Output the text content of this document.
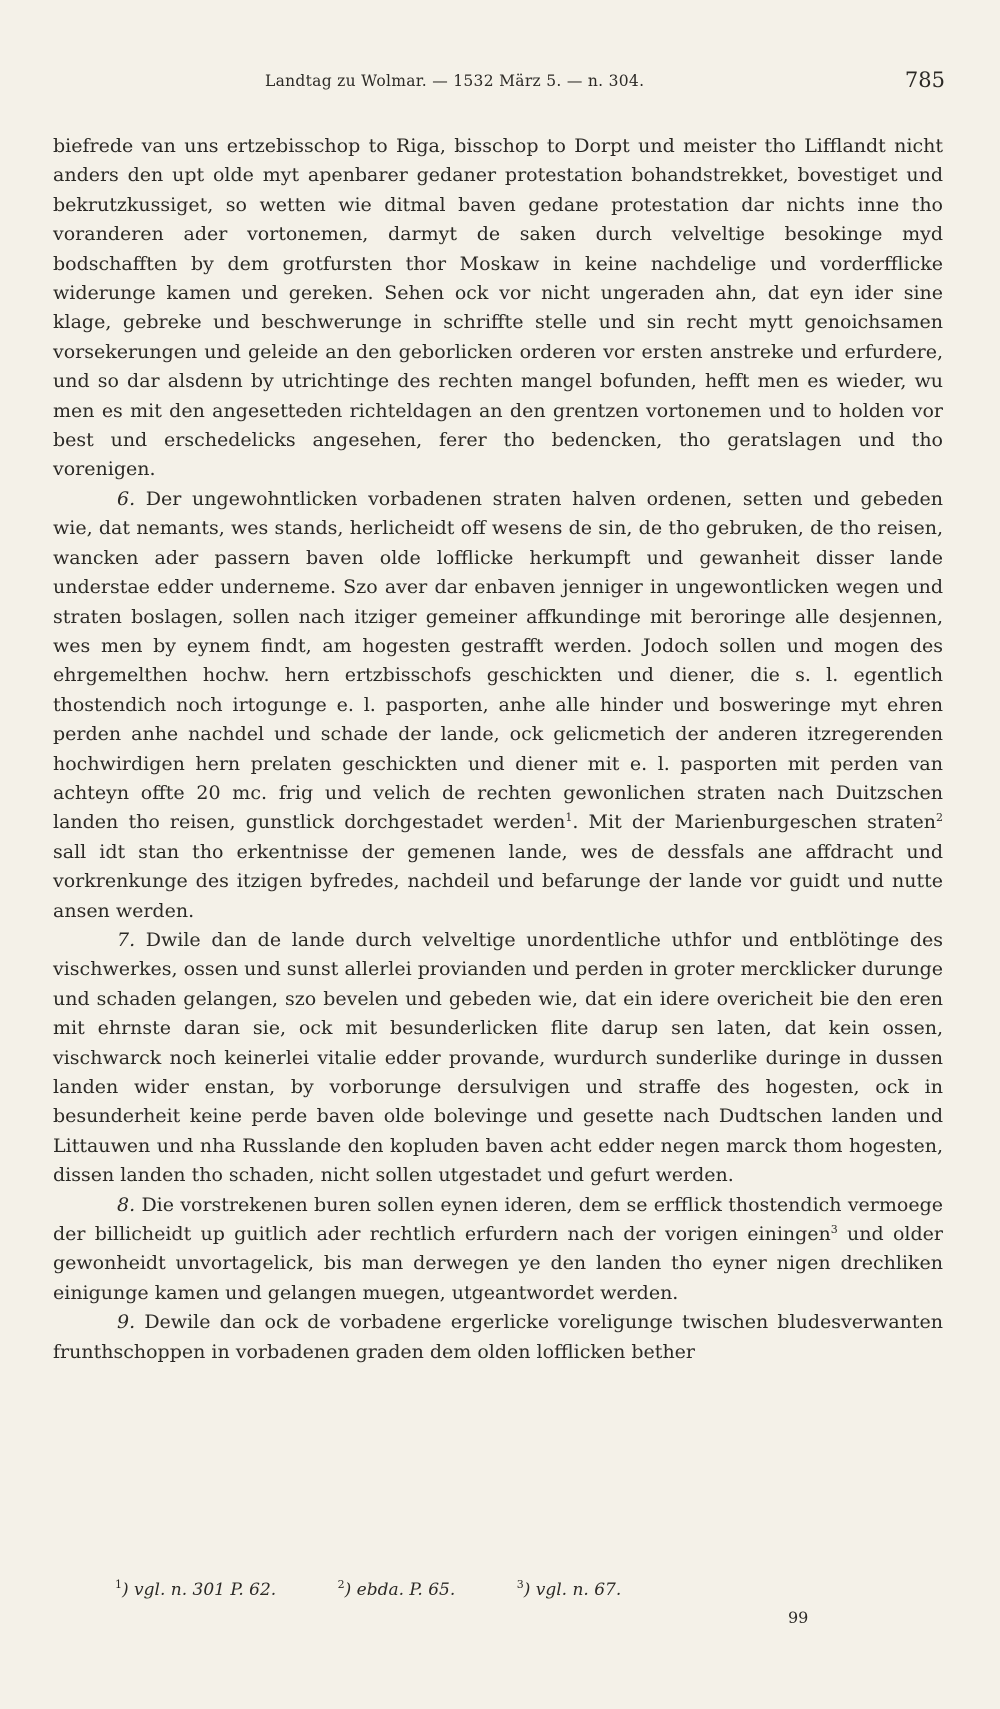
Landtag zu Wolmar. — 1532 März 5. — n. 304.	785

biefrede van uns ertzebisschop to Riga, bisschop to Dorpt und meister tho Lifflandt nicht anders den upt olde myt apenbarer gedaner protestation bohandstrekket, bovestiget und bekrutzkussiget, so wetten wie ditmal baven gedane protestation dar nichts inne tho voranderen ader vortonemen, darmyt de saken durch velveltige besokinge myd bodschafften by dem grotfursten thor Moskaw in keine nachdelige und vorderfflicke widerunge kamen und gereken. Sehen ock vor nicht ungeraden ahn, dat eyn ider sine klage, gebreke und beschwerunge in schriffte stelle und sin recht mytt genoichsamen vorsekerungen und geleide an den geborlicken orderen vor ersten anstreke und erfurdere, und so dar alsdenn by utrichtinge des rechten mangel bofunden, hefft men es wieder, wu men es mit den angesetteden richteldagen an den grentzen vortonemen und to holden vor best und erschedelicks angesehen, ferer tho bedencken, tho geratslagen und tho vorenigen.

6. Der ungewohntlicken vorbadenen straten halven ordenen, setten und gebeden wie, dat nemants, wes stands, herlicheidt off wesens de sin, de tho gebruken, de tho reisen, wancken ader passern baven olde lofflicke herkumpft und gewanheit disser lande understae edder underneme. Szo aver dar enbaven jenniger in ungewontlicken wegen und straten boslagen, sollen nach itziger gemeiner affkundinge mit beroringe alle desjennen, wes men by eynem findt, am hogesten gestrafft werden. Jodoch sollen und mogen des ehrgemelthen hochw. hern ertzbisschofs geschickten und diener, die s. l. egentlich thostendich noch irtogunge e. l. pasporten, anhe alle hinder und bosweringe myt ehren perden anhe nachdel und schade der lande, ock gelicmetich der anderen itzregerenden hochwirdigen hern prelaten geschickten und diener mit e. l. pasporten mit perden van achteyn offte 20 mc. frig und velich de rechten gewonlichen straten nach Duitzschen landen tho reisen, gunstlick dorchgestadet werden$^1$. Mit der Marienburgeschen straten$^2$ sall idt stan tho erkentnisse der gemenen lande, wes de dessfals ane affdracht und vorkrenkunge des itzigen byfredes, nachdeil und befarunge der lande vor guidt und nutte ansen werden.

7. Dwile dan de lande durch velveltige unordentliche uthfor und entblötinge des vischwerkes, ossen und sunst allerlei provianden und perden in groter mercklicker durunge und schaden gelangen, szo bevelen und gebeden wie, dat ein idere overicheit bie den eren mit ehrnste daran sie, ock mit besunderlicken flite darup sen laten, dat kein ossen, vischwarck noch keinerlei vitalie edder provande, wurdurch sunderlike duringe in dussen landen wider enstan, by vorborunge dersulvigen und straffe des hogesten, ock in besunderheit keine perde baven olde bolevinge und gesette nach Dudtschen landen und Littauwen und nha Russlande den kopluden baven acht edder negen marck thom hogesten, dissen landen tho schaden, nicht sollen utgestadet und gefurt werden.

8. Die vorstrekenen buren sollen eynen ideren, dem se erfflick thostendich vermoege der billicheidt up guitlich ader rechtlich erfurdern nach der vorigen einingen$^3$ und older gewonheidt unvortagelick, bis man derwegen ye den landen tho eyner nigen drechliken einigunge kamen und gelangen muegen, utgeantwordet werden.

9. Dewile dan ock de vorbadene ergerlicke voreligunge twischen bludesverwanten frunthschoppen in vorbadenen graden dem olden lofflicken bether

$^1$) vgl. n. 301 P. 62.	$^2$) ebda. P. 65.	$^3$) vgl. n. 67.
99
